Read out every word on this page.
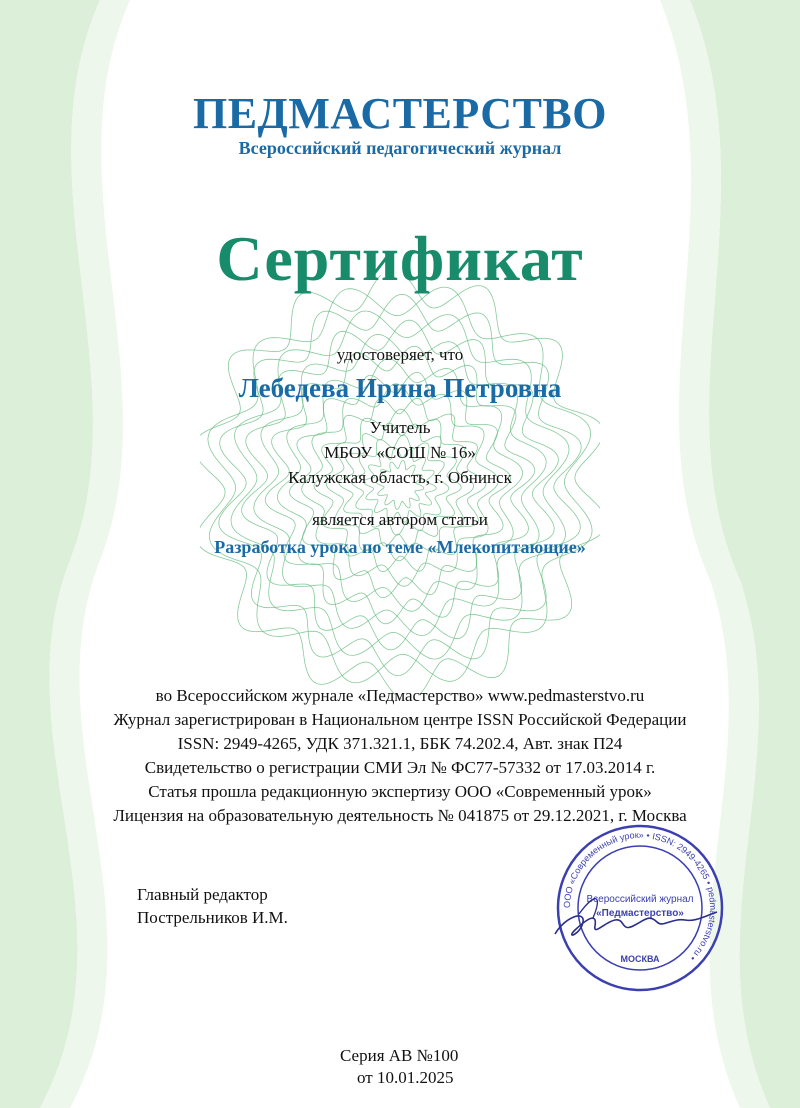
ПЕДМАСТЕРСТВО
Всероссийский педагогический журнал
Сертификат
удостоверяет, что
Лебедева Ирина Петровна
Учитель
МБОУ «СОШ № 16»
Калужская область, г. Обнинск
является автором статьи
Разработка урока по теме «Млекопитающие»
во Всероссийском журнале «Педмастерство» www.pedmasterstvo.ru
Журнал зарегистрирован в Национальном центре ISSN Российской Федерации
ISSN: 2949-4265, УДК 371.321.1, ББК 74.202.4, Авт. знак П24
Свидетельство о регистрации СМИ Эл № ФС77-57332 от 17.03.2014 г.
Статья прошла редакционную экспертизу ООО «Современный урок»
Лицензия на образовательную деятельность № 041875 от 29.12.2021, г. Москва
Главный редактор
Пострельников И.М.
ООО «Современный урок» • ISSN: 2949-4265 • pedmasterstvo.ru •
Всероссийский журнал
«Педмастерство»
МОСКВА
Серия АВ №100
от 10.01.2025
